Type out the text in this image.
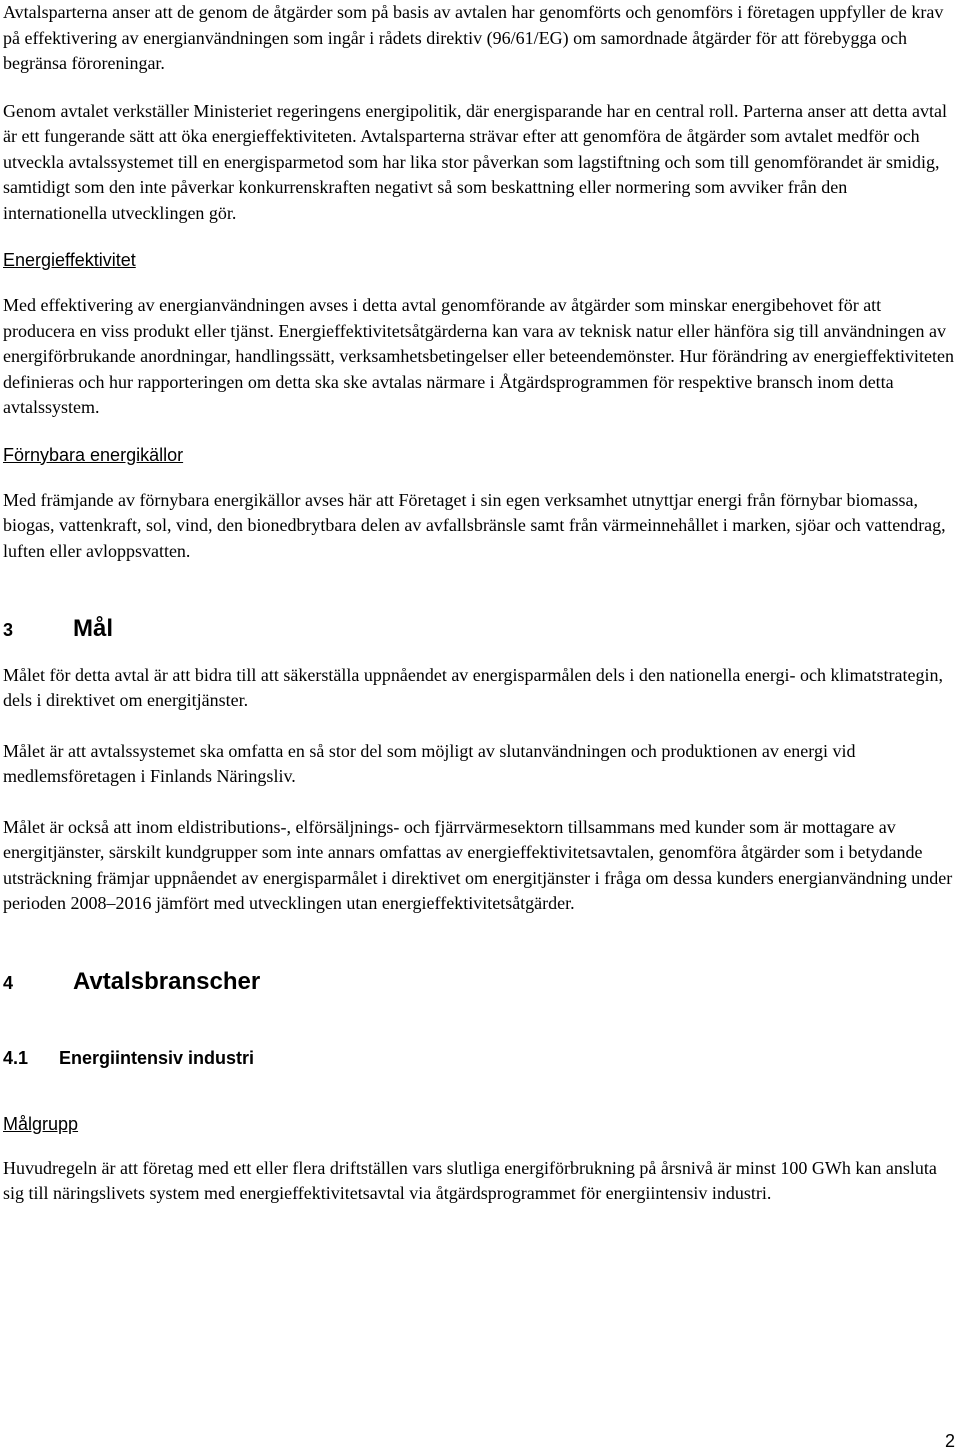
Avtalsparterna anser att de genom de åtgärder som på basis av avtalen har genomförts och genomförs i företagen uppfyller de krav på effektivering av energianvändningen som ingår i rådets direktiv (96/61/EG) om samordnade åtgärder för att förebygga och begränsa föroreningar.

Genom avtalet verkställer Ministeriet regeringens energipolitik, där energisparande har en central roll. Parterna anser att detta avtal är ett fungerande sätt att öka energieffektiviteten. Avtalsparterna strävar efter att genomföra de åtgärder som avtalet medför och utveckla avtalssystemet till en energisparmetod som har lika stor påverkan som lagstiftning och som till genomförandet är smidig, samtidigt som den inte påverkar konkurrenskraften negativt så som beskattning eller normering som avviker från den internationella utvecklingen gör.

Energieffektivitet

Med effektivering av energianvändningen avses i detta avtal genomförande av åtgärder som minskar energibehovet för att producera en viss produkt eller tjänst. Energieffektivitetsåtgärderna kan vara av teknisk natur eller hänföra sig till användningen av energiförbrukande anordningar, handlingssätt, verksamhetsbetingelser eller beteendemönster. Hur förändring av energieffektiviteten definieras och hur rapporteringen om detta ska ske avtalas närmare i Åtgärdsprogrammen för respektive bransch inom detta avtalssystem.

Förnybara energikällor

Med främjande av förnybara energikällor avses här att Företaget i sin egen verksamhet utnyttjar energi från förnybar biomassa, biogas, vattenkraft, sol, vind, den bionedbrytbara delen av avfallsbränsle samt från värmeinnehållet i marken, sjöar och vattendrag, luften eller avloppsvatten.

3	Mål

Målet för detta avtal är att bidra till att säkerställa uppnåendet av energisparmålen dels i den nationella energi- och klimatstrategin, dels i direktivet om energitjänster.

Målet är att avtalssystemet ska omfatta en så stor del som möjligt av slutanvändningen och produktionen av energi vid medlemsföretagen i Finlands Näringsliv.

Målet är också att inom eldistributions-, elförsäljnings- och fjärrvärmesektorn tillsammans med kunder som är mottagare av energitjänster, särskilt kundgrupper som inte annars omfattas av energieffektivitetsavtalen, genomföra åtgärder som i betydande utsträckning främjar uppnåendet av energisparmålet i direktivet om energitjänster i fråga om dessa kunders energianvändning under perioden 2008–2016 jämfört med utvecklingen utan energieffektivitetsåtgärder.

4	Avtalsbranscher
4.1	Energiintensiv industri

Målgrupp

Huvudregeln är att företag med ett eller flera driftställen vars slutliga energiförbrukning på årsnivå är minst 100 GWh kan ansluta sig till näringslivets system med energieffektivitetsavtal via åtgärdsprogrammet för energiintensiv industri.

2
